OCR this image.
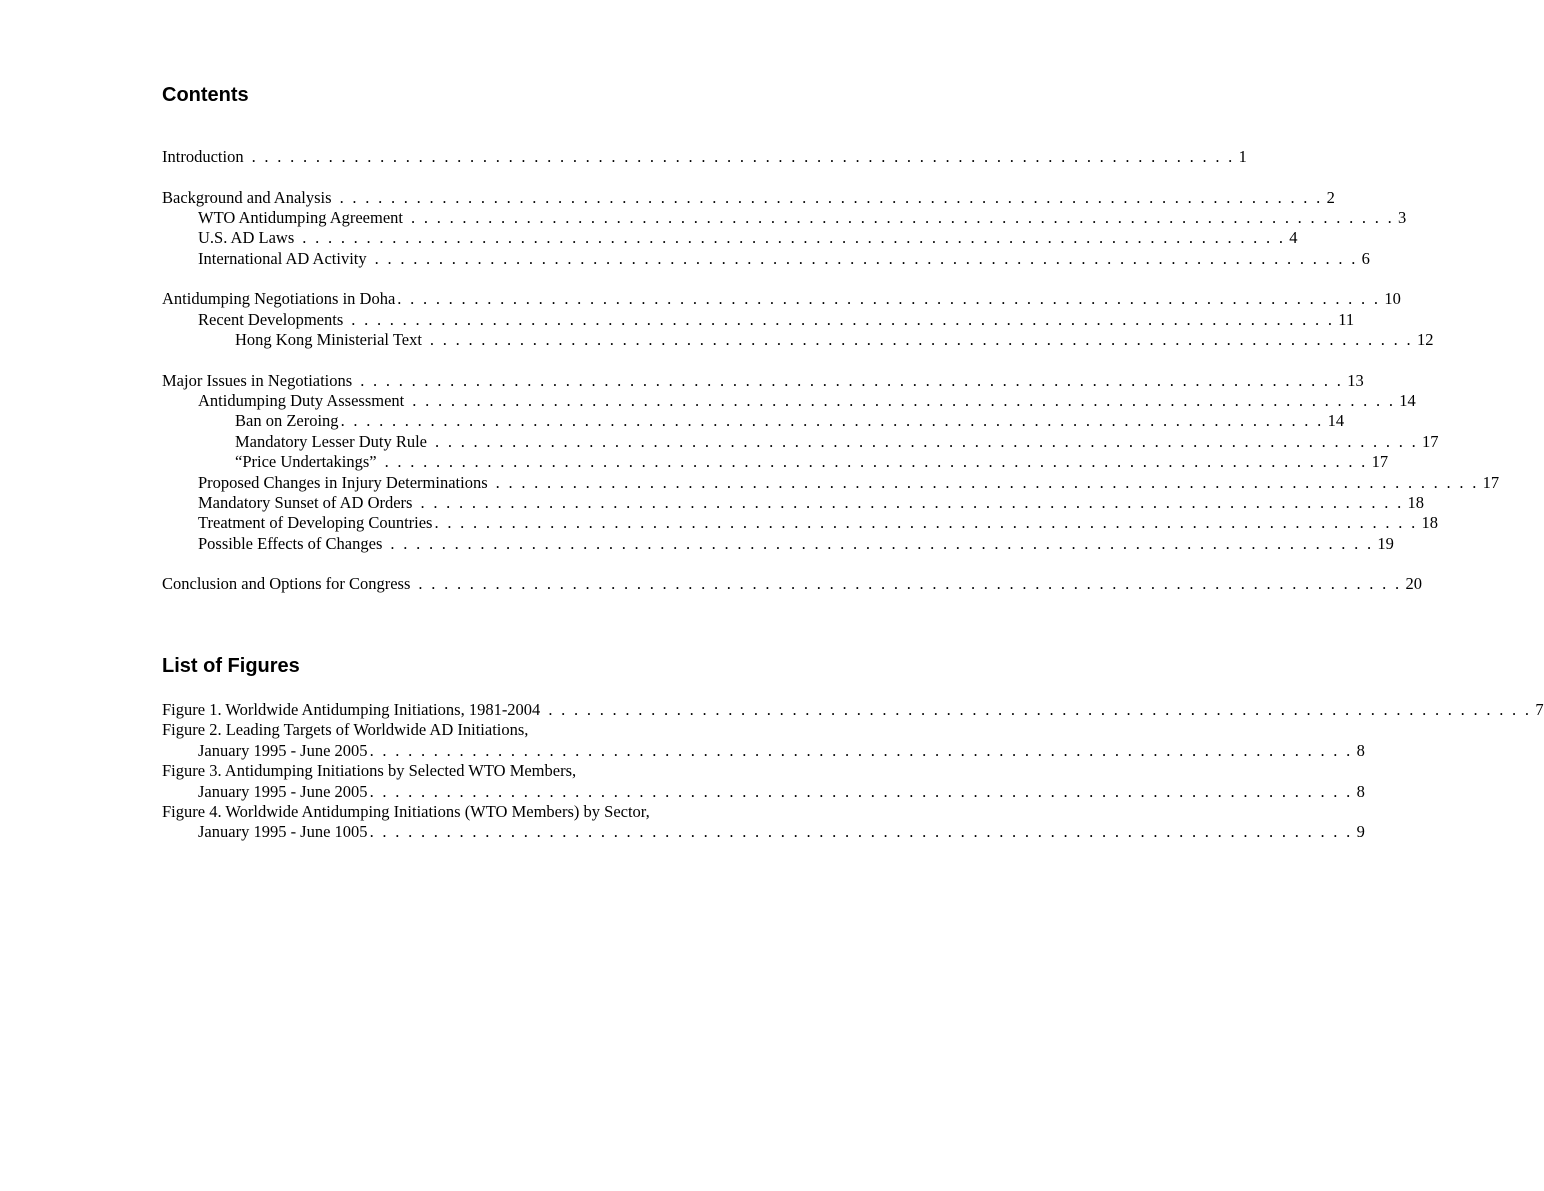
Contents
Introduction . . . . . . . . . . . . . . . . . . . . . . . . . . . . . . . . . . . . . . . . . . . . . . . . . . . . . . . . . . . . . . . . . . . . . . . . . . . . . 1
Background and Analysis . . . . . . . . . . . . . . . . . . . . . . . . . . . . . . . . . . . . . . . . . . . . . . . . . . . . . . . . . . . . . . . . . . . . . . . . . . . . . 2
WTO Antidumping Agreement . . . . . . . . . . . . . . . . . . . . . . . . . . . . . . . . . . . . . . . . . . . . . . . . . . . . . . . . . . . . . . . . . . . . . . . . . . . . . 3
U.S. AD Laws . . . . . . . . . . . . . . . . . . . . . . . . . . . . . . . . . . . . . . . . . . . . . . . . . . . . . . . . . . . . . . . . . . . . . . . . . . . . . 4
International AD Activity . . . . . . . . . . . . . . . . . . . . . . . . . . . . . . . . . . . . . . . . . . . . . . . . . . . . . . . . . . . . . . . . . . . . . . . . . . . . . 6
Antidumping Negotiations in Doha . . . . . . . . . . . . . . . . . . . . . . . . . . . . . . . . . . . . . . . . . . . . . . . . . . . . . . . . . . . . . . . . . . . . . . . . . . . . . 10
Recent Developments . . . . . . . . . . . . . . . . . . . . . . . . . . . . . . . . . . . . . . . . . . . . . . . . . . . . . . . . . . . . . . . . . . . . . . . . . . . . . 11
Hong Kong Ministerial Text . . . . . . . . . . . . . . . . . . . . . . . . . . . . . . . . . . . . . . . . . . . . . . . . . . . . . . . . . . . . . . . . . . . . . . . . . . . . . 12
Major Issues in Negotiations . . . . . . . . . . . . . . . . . . . . . . . . . . . . . . . . . . . . . . . . . . . . . . . . . . . . . . . . . . . . . . . . . . . . . . . . . . . . . 13
Antidumping Duty Assessment . . . . . . . . . . . . . . . . . . . . . . . . . . . . . . . . . . . . . . . . . . . . . . . . . . . . . . . . . . . . . . . . . . . . . . . . . . . . . 14
Ban on Zeroing . . . . . . . . . . . . . . . . . . . . . . . . . . . . . . . . . . . . . . . . . . . . . . . . . . . . . . . . . . . . . . . . . . . . . . . . . . . . . 14
Mandatory Lesser Duty Rule . . . . . . . . . . . . . . . . . . . . . . . . . . . . . . . . . . . . . . . . . . . . . . . . . . . . . . . . . . . . . . . . . . . . . . . . . . . . . 17
“Price Undertakings” . . . . . . . . . . . . . . . . . . . . . . . . . . . . . . . . . . . . . . . . . . . . . . . . . . . . . . . . . . . . . . . . . . . . . . . . . . . . . 17
Proposed Changes in Injury Determinations . . . . . . . . . . . . . . . . . . . . . . . . . . . . . . . . . . . . . . . . . . . . . . . . . . . . . . . . . . . . . . . . . . . . . . . . . . . . . 17
Mandatory Sunset of AD Orders . . . . . . . . . . . . . . . . . . . . . . . . . . . . . . . . . . . . . . . . . . . . . . . . . . . . . . . . . . . . . . . . . . . . . . . . . . . . . 18
Treatment of Developing Countries . . . . . . . . . . . . . . . . . . . . . . . . . . . . . . . . . . . . . . . . . . . . . . . . . . . . . . . . . . . . . . . . . . . . . . . . . . . . . 18
Possible Effects of Changes . . . . . . . . . . . . . . . . . . . . . . . . . . . . . . . . . . . . . . . . . . . . . . . . . . . . . . . . . . . . . . . . . . . . . . . . . . . . . 19
Conclusion and Options for Congress . . . . . . . . . . . . . . . . . . . . . . . . . . . . . . . . . . . . . . . . . . . . . . . . . . . . . . . . . . . . . . . . . . . . . . . . . . . . . 20
List of Figures
Figure 1. Worldwide Antidumping Initiations, 1981-2004 . . . . . . . . . . . . . . . . . . . . . . . . . . . . . . . . . . . . . . . . . . . . . . . . . . . . . . . . . . . . . . . . . . . . . . . . . . . . . 7
Figure 2. Leading Targets of Worldwide AD Initiations,
January 1995 - June 2005 . . . . . . . . . . . . . . . . . . . . . . . . . . . . . . . . . . . . . . . . . . . . . . . . . . . . . . . . . . . . . . . . . . . . . . . . . . . . . 8
Figure 3. Antidumping Initiations by Selected WTO Members,
January 1995 - June 2005 . . . . . . . . . . . . . . . . . . . . . . . . . . . . . . . . . . . . . . . . . . . . . . . . . . . . . . . . . . . . . . . . . . . . . . . . . . . . . 8
Figure 4. Worldwide Antidumping Initiations (WTO Members) by Sector,
January 1995 - June 1005 . . . . . . . . . . . . . . . . . . . . . . . . . . . . . . . . . . . . . . . . . . . . . . . . . . . . . . . . . . . . . . . . . . . . . . . . . . . . . 9
